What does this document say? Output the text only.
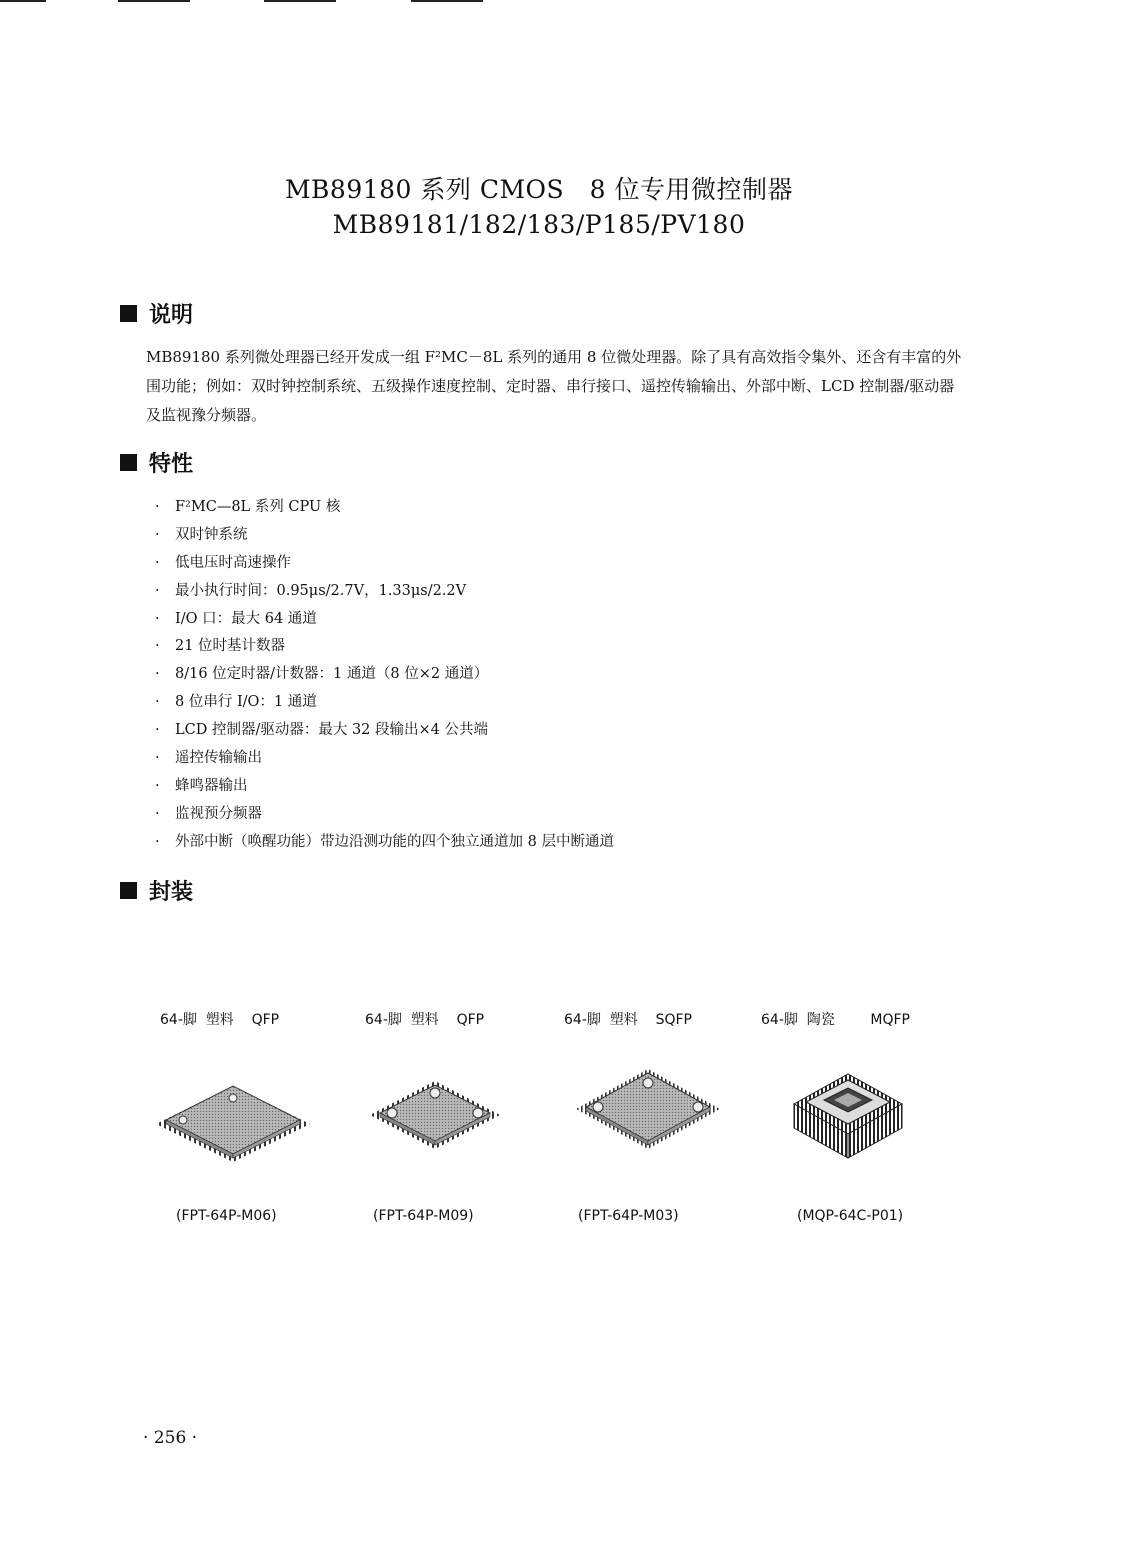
MB89180 系列 CMOS　8 位专用微控制器
MB89181/182/183/P185/PV180
说明
MB89180 系列微处理器已经开发成一组 F²MC－8L 系列的通用 8 位微处理器。除了具有高效指令集外、还含有丰富的外围功能；例如：双时钟控制系统、五级操作速度控制、定时器、串行接口、遥控传输输出、外部中断、LCD 控制器/驱动器及监视豫分频器。
特性
·	F²MC—8L 系列 CPU 核
·	双时钟系统
·	低电压时高速操作
·	最小执行时间：0.95μs/2.7V，1.33μs/2.2V
·	I/O 口：最大 64 通道
·	21 位时基计数器
·	8/16 位定时器/计数器：1 通道（8 位×2 通道）
·	8 位串行 I/O：1 通道
·	LCD 控制器/驱动器：最大 32 段输出×4 公共端
·	遥控传输输出
·	蜂鸣器输出
·	监视预分频器
·	外部中断（唤醒功能）带边沿测功能的四个独立通道加 8 层中断通道
封装
64-脚  塑料    QFP	64-脚  塑料    QFP	64-脚  塑料    SQFP	64-脚  陶瓷        MQFP
(FPT-64P-M06)	(FPT-64P-M09)	(FPT-64P-M03)	(MQP-64C-P01)
· 256 ·
